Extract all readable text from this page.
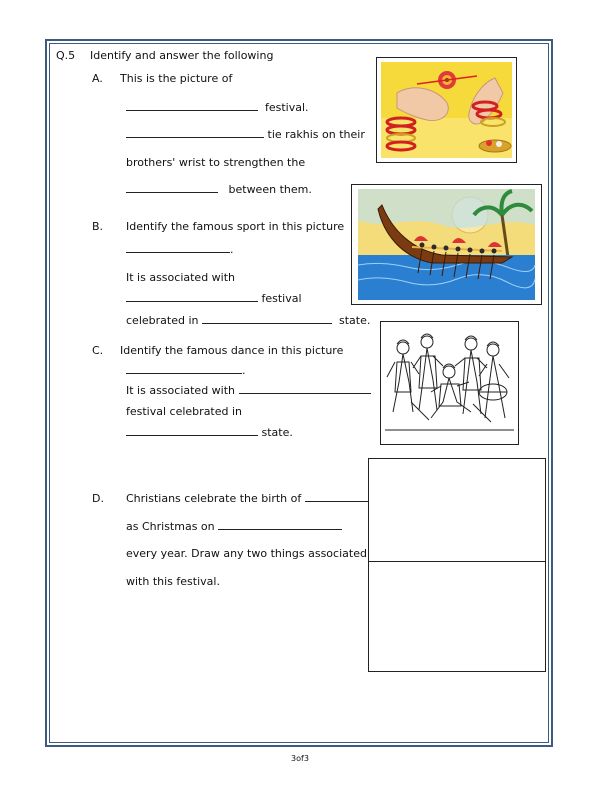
Q.5 Identify and answer the following
A. This is the picture of
festival.
tie rakhis on their
brothers' wrist to strengthen the
between them.
B. Identify the famous sport in this picture
.
It is associated with
festival
celebrated in	state.
C. Identify the famous dance in this picture
.
It is associated with
festival celebrated in
state.
D. Christians celebrate the birth of
as Christmas on
every year. Draw any two things associated
with this festival.
3of3
